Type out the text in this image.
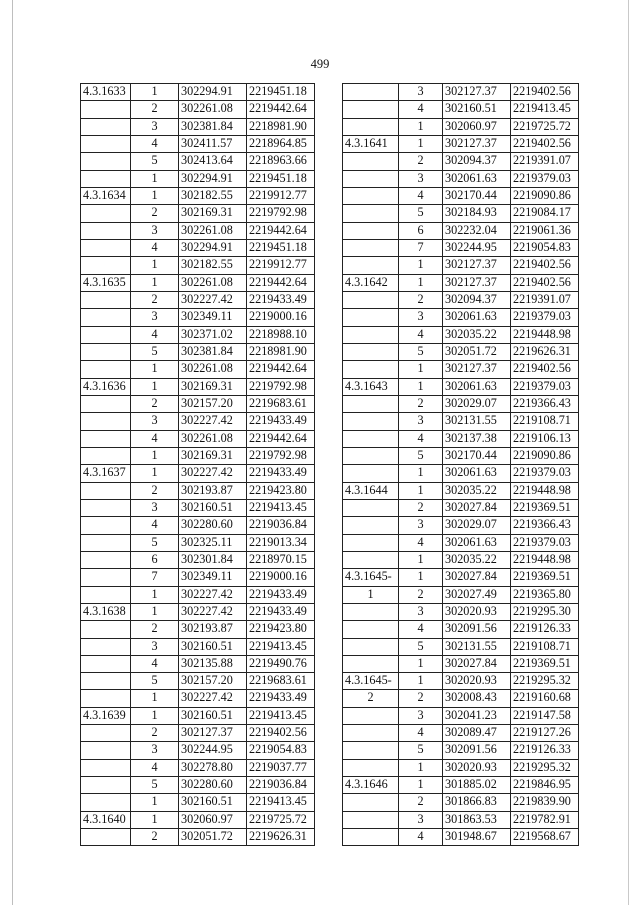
499
4.3.1633	1	302294.91	2219451.18
	2	302261.08	2219442.64
	3	302381.84	2218981.90
	4	302411.57	2218964.85
	5	302413.64	2218963.66
	1	302294.91	2219451.18
4.3.1634	1	302182.55	2219912.77
	2	302169.31	2219792.98
	3	302261.08	2219442.64
	4	302294.91	2219451.18
	1	302182.55	2219912.77
4.3.1635	1	302261.08	2219442.64
	2	302227.42	2219433.49
	3	302349.11	2219000.16
	4	302371.02	2218988.10
	5	302381.84	2218981.90
	1	302261.08	2219442.64
4.3.1636	1	302169.31	2219792.98
	2	302157.20	2219683.61
	3	302227.42	2219433.49
	4	302261.08	2219442.64
	1	302169.31	2219792.98
4.3.1637	1	302227.42	2219433.49
	2	302193.87	2219423.80
	3	302160.51	2219413.45
	4	302280.60	2219036.84
	5	302325.11	2219013.34
	6	302301.84	2218970.15
	7	302349.11	2219000.16
	1	302227.42	2219433.49
4.3.1638	1	302227.42	2219433.49
	2	302193.87	2219423.80
	3	302160.51	2219413.45
	4	302135.88	2219490.76
	5	302157.20	2219683.61
	1	302227.42	2219433.49
4.3.1639	1	302160.51	2219413.45
	2	302127.37	2219402.56
	3	302244.95	2219054.83
	4	302278.80	2219037.77
	5	302280.60	2219036.84
	1	302160.51	2219413.45
4.3.1640	1	302060.97	2219725.72
	2	302051.72	2219626.31
	3	302127.37	2219402.56
	4	302160.51	2219413.45
	1	302060.97	2219725.72
4.3.1641	1	302127.37	2219402.56
	2	302094.37	2219391.07
	3	302061.63	2219379.03
	4	302170.44	2219090.86
	5	302184.93	2219084.17
	6	302232.04	2219061.36
	7	302244.95	2219054.83
	1	302127.37	2219402.56
4.3.1642	1	302127.37	2219402.56
	2	302094.37	2219391.07
	3	302061.63	2219379.03
	4	302035.22	2219448.98
	5	302051.72	2219626.31
	1	302127.37	2219402.56
4.3.1643	1	302061.63	2219379.03
	2	302029.07	2219366.43
	3	302131.55	2219108.71
	4	302137.38	2219106.13
	5	302170.44	2219090.86
	1	302061.63	2219379.03
4.3.1644	1	302035.22	2219448.98
	2	302027.84	2219369.51
	3	302029.07	2219366.43
	4	302061.63	2219379.03
	1	302035.22	2219448.98
4.3.1645-	1	302027.84	2219369.51
1	2	302027.49	2219365.80
	3	302020.93	2219295.30
	4	302091.56	2219126.33
	5	302131.55	2219108.71
	1	302027.84	2219369.51
4.3.1645-	1	302020.93	2219295.32
2	2	302008.43	2219160.68
	3	302041.23	2219147.58
	4	302089.47	2219127.26
	5	302091.56	2219126.33
	1	302020.93	2219295.32
4.3.1646	1	301885.02	2219846.95
	2	301866.83	2219839.90
	3	301863.53	2219782.91
	4	301948.67	2219568.67
